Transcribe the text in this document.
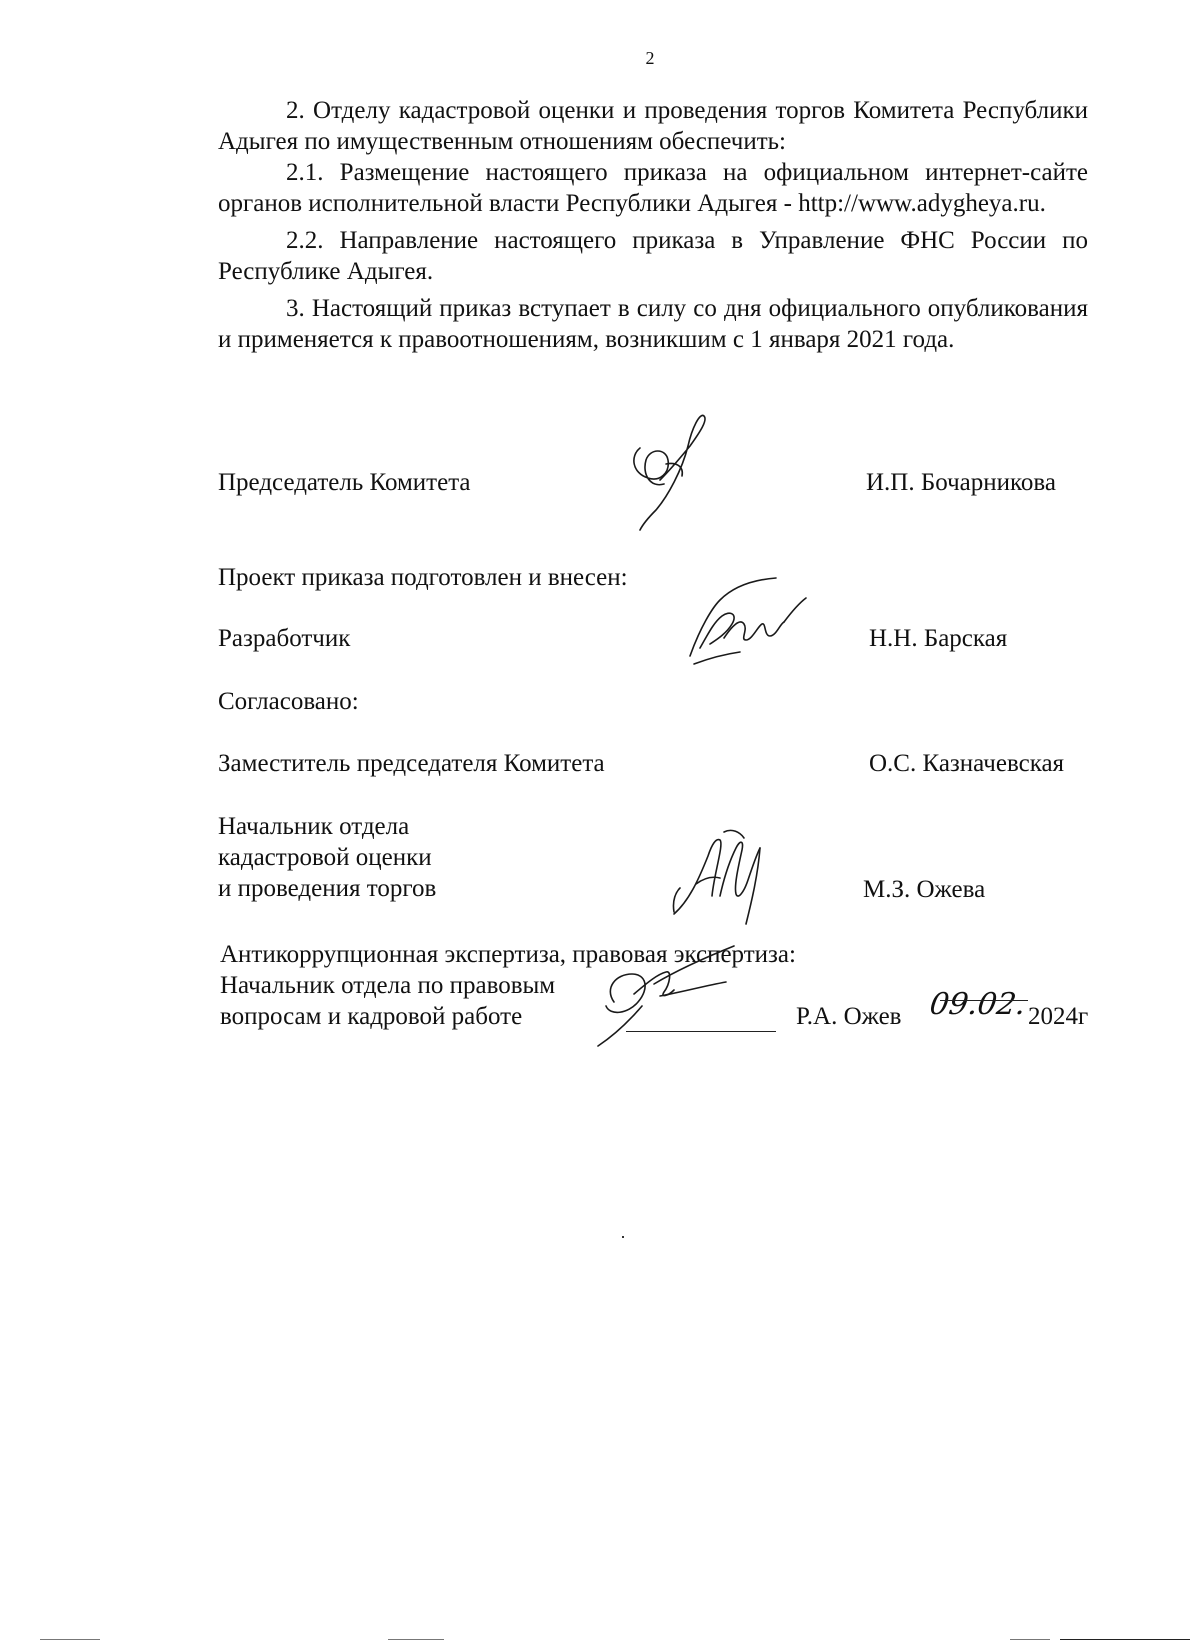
2

2. Отделу кадастровой оценки и проведения торгов Комитета Республики Адыгея по имущественным отношениям обеспечить:

2.1. Размещение настоящего приказа на официальном интернет-сайте органов исполнительной власти Республики Адыгея - http://www.adygheya.ru.

2.2. Направление настоящего приказа в Управление ФНС России по Республике Адыгея.

3. Настоящий приказ вступает в силу со дня официального опубликования и применяется к правоотношениям, возникшим с 1 января 2021 года.

Председатель Комитета	И.П. Бочарникова
Проект приказа подготовлен и внесен:
Разработчик	Н.Н. Барская
Согласовано:
Заместитель председателя Комитета	О.С. Казначевская
Начальник отдела
кадастровой оценки
и проведения торгов	М.З. Ожева
Антикоррупционная экспертиза, правовая экспертиза:
Начальник отдела по правовым
вопросам и кадровой работе	Р.А. Ожев 09.02. 2024г
